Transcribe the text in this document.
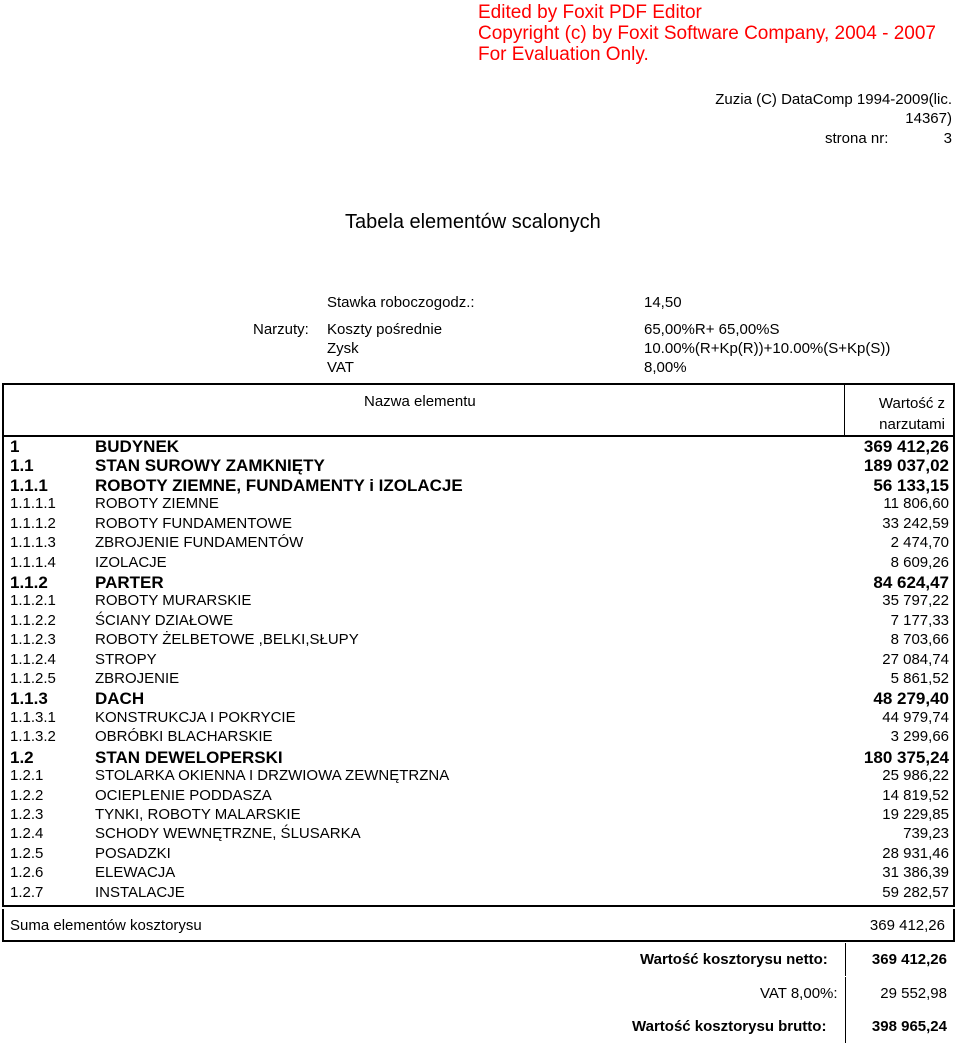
Edited by Foxit PDF Editor
Copyright (c) by Foxit Software Company, 2004 - 2007
For Evaluation Only.
Zuzia (C) DataComp 1994-2009(lic.
14367)
strona nr:	3
Tabela elementów scalonych
Stawka roboczogodz.:	14,50
Narzuty: Koszty pośrednie	65,00%R+ 65,00%S
Zysk	10.00%(R+Kp(R))+10.00%(S+Kp(S))
VAT	8,00%
Nazwa elementu	Wartość z
narzutami
1	BUDYNEK	369 412,26
1.1	STAN SUROWY ZAMKNIĘTY	189 037,02
1.1.1	ROBOTY ZIEMNE, FUNDAMENTY i IZOLACJE	56 133,15
1.1.1.1	ROBOTY ZIEMNE	11 806,60
1.1.1.2	ROBOTY FUNDAMENTOWE	33 242,59
1.1.1.3	ZBROJENIE FUNDAMENTÓW	2 474,70
1.1.1.4	IZOLACJE	8 609,26
1.1.2	PARTER	84 624,47
1.1.2.1	ROBOTY MURARSKIE	35 797,22
1.1.2.2	ŚCIANY DZIAŁOWE	7 177,33
1.1.2.3	ROBOTY ŻELBETOWE ,BELKI,SŁUPY	8 703,66
1.1.2.4	STROPY	27 084,74
1.1.2.5	ZBROJENIE	5 861,52
1.1.3	DACH	48 279,40
1.1.3.1	KONSTRUKCJA I POKRYCIE	44 979,74
1.1.3.2	OBRÓBKI BLACHARSKIE	3 299,66
1.2	STAN DEWELOPERSKI	180 375,24
1.2.1	STOLARKA OKIENNA I DRZWIOWA ZEWNĘTRZNA	25 986,22
1.2.2	OCIEPLENIE PODDASZA	14 819,52
1.2.3	TYNKI, ROBOTY MALARSKIE	19 229,85
1.2.4	SCHODY WEWNĘTRZNE, ŚLUSARKA	739,23
1.2.5	POSADZKI	28 931,46
1.2.6	ELEWACJA	31 386,39
1.2.7	INSTALACJE	59 282,57
Suma elementów kosztorysu	369 412,26
Wartość kosztorysu netto:	369 412,26
VAT 8,00%:	29 552,98
Wartość kosztorysu brutto:	398 965,24
